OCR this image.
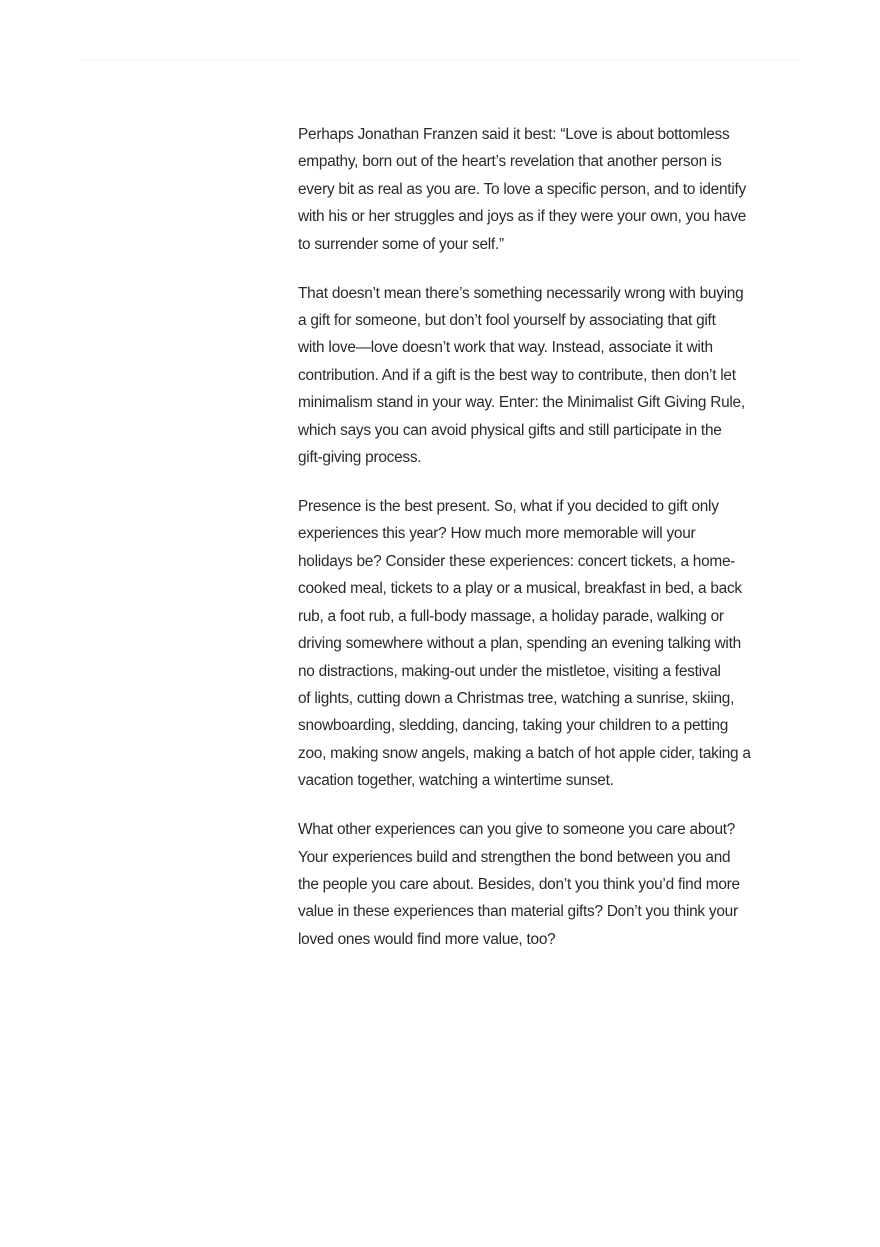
Perhaps Jonathan Franzen said it best: “Love is about bottomless
empathy, born out of the heart’s revelation that another person is
every bit as real as you are. To love a specific person, and to identify
with his or her struggles and joys as if they were your own, you have
to surrender some of your self.”

That doesn’t mean there’s something necessarily wrong with buying
a gift for someone, but don’t fool yourself by associating that gift
with love—love doesn’t work that way. Instead, associate it with
contribution. And if a gift is the best way to contribute, then don’t let
minimalism stand in your way. Enter: the Minimalist Gift Giving Rule,
which says you can avoid physical gifts and still participate in the
gift-giving process.

Presence is the best present. So, what if you decided to gift only
experiences this year? How much more memorable will your
holidays be? Consider these experiences: concert tickets, a home-
cooked meal, tickets to a play or a musical, breakfast in bed, a back
rub, a foot rub, a full-body massage, a holiday parade, walking or
driving somewhere without a plan, spending an evening talking with
no distractions, making-out under the mistletoe, visiting a festival
of lights, cutting down a Christmas tree, watching a sunrise, skiing,
snowboarding, sledding, dancing, taking your children to a petting
zoo, making snow angels, making a batch of hot apple cider, taking a
vacation together, watching a wintertime sunset.

What other experiences can you give to someone you care about?
Your experiences build and strengthen the bond between you and
the people you care about. Besides, don’t you think you’d find more
value in these experiences than material gifts? Don’t you think your
loved ones would find more value, too?
